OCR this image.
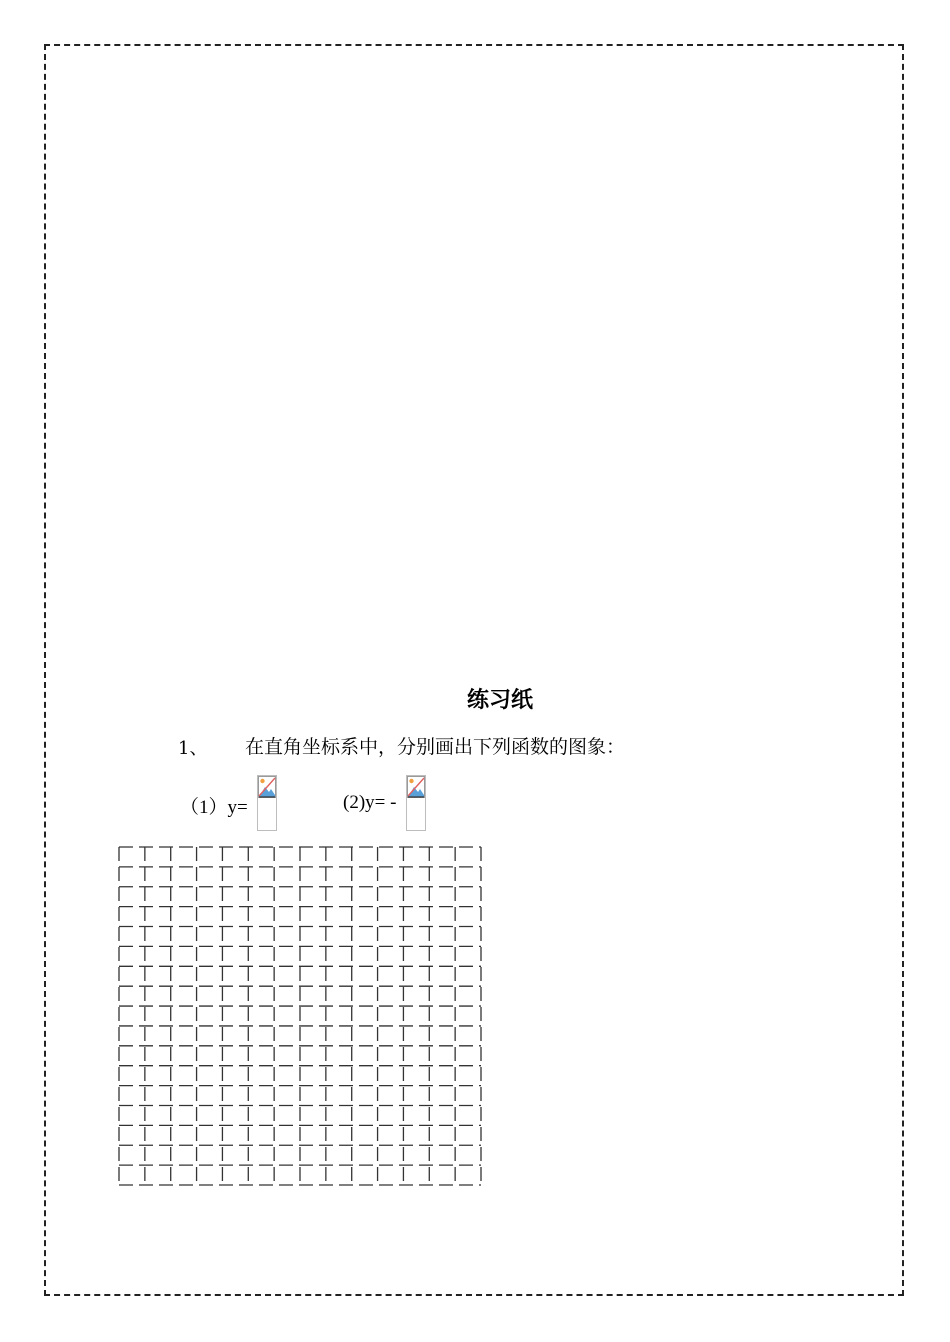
练习纸
1、 在直角坐标系中，分别画出下列函数的图象：
（1）y=	(2)y= -
